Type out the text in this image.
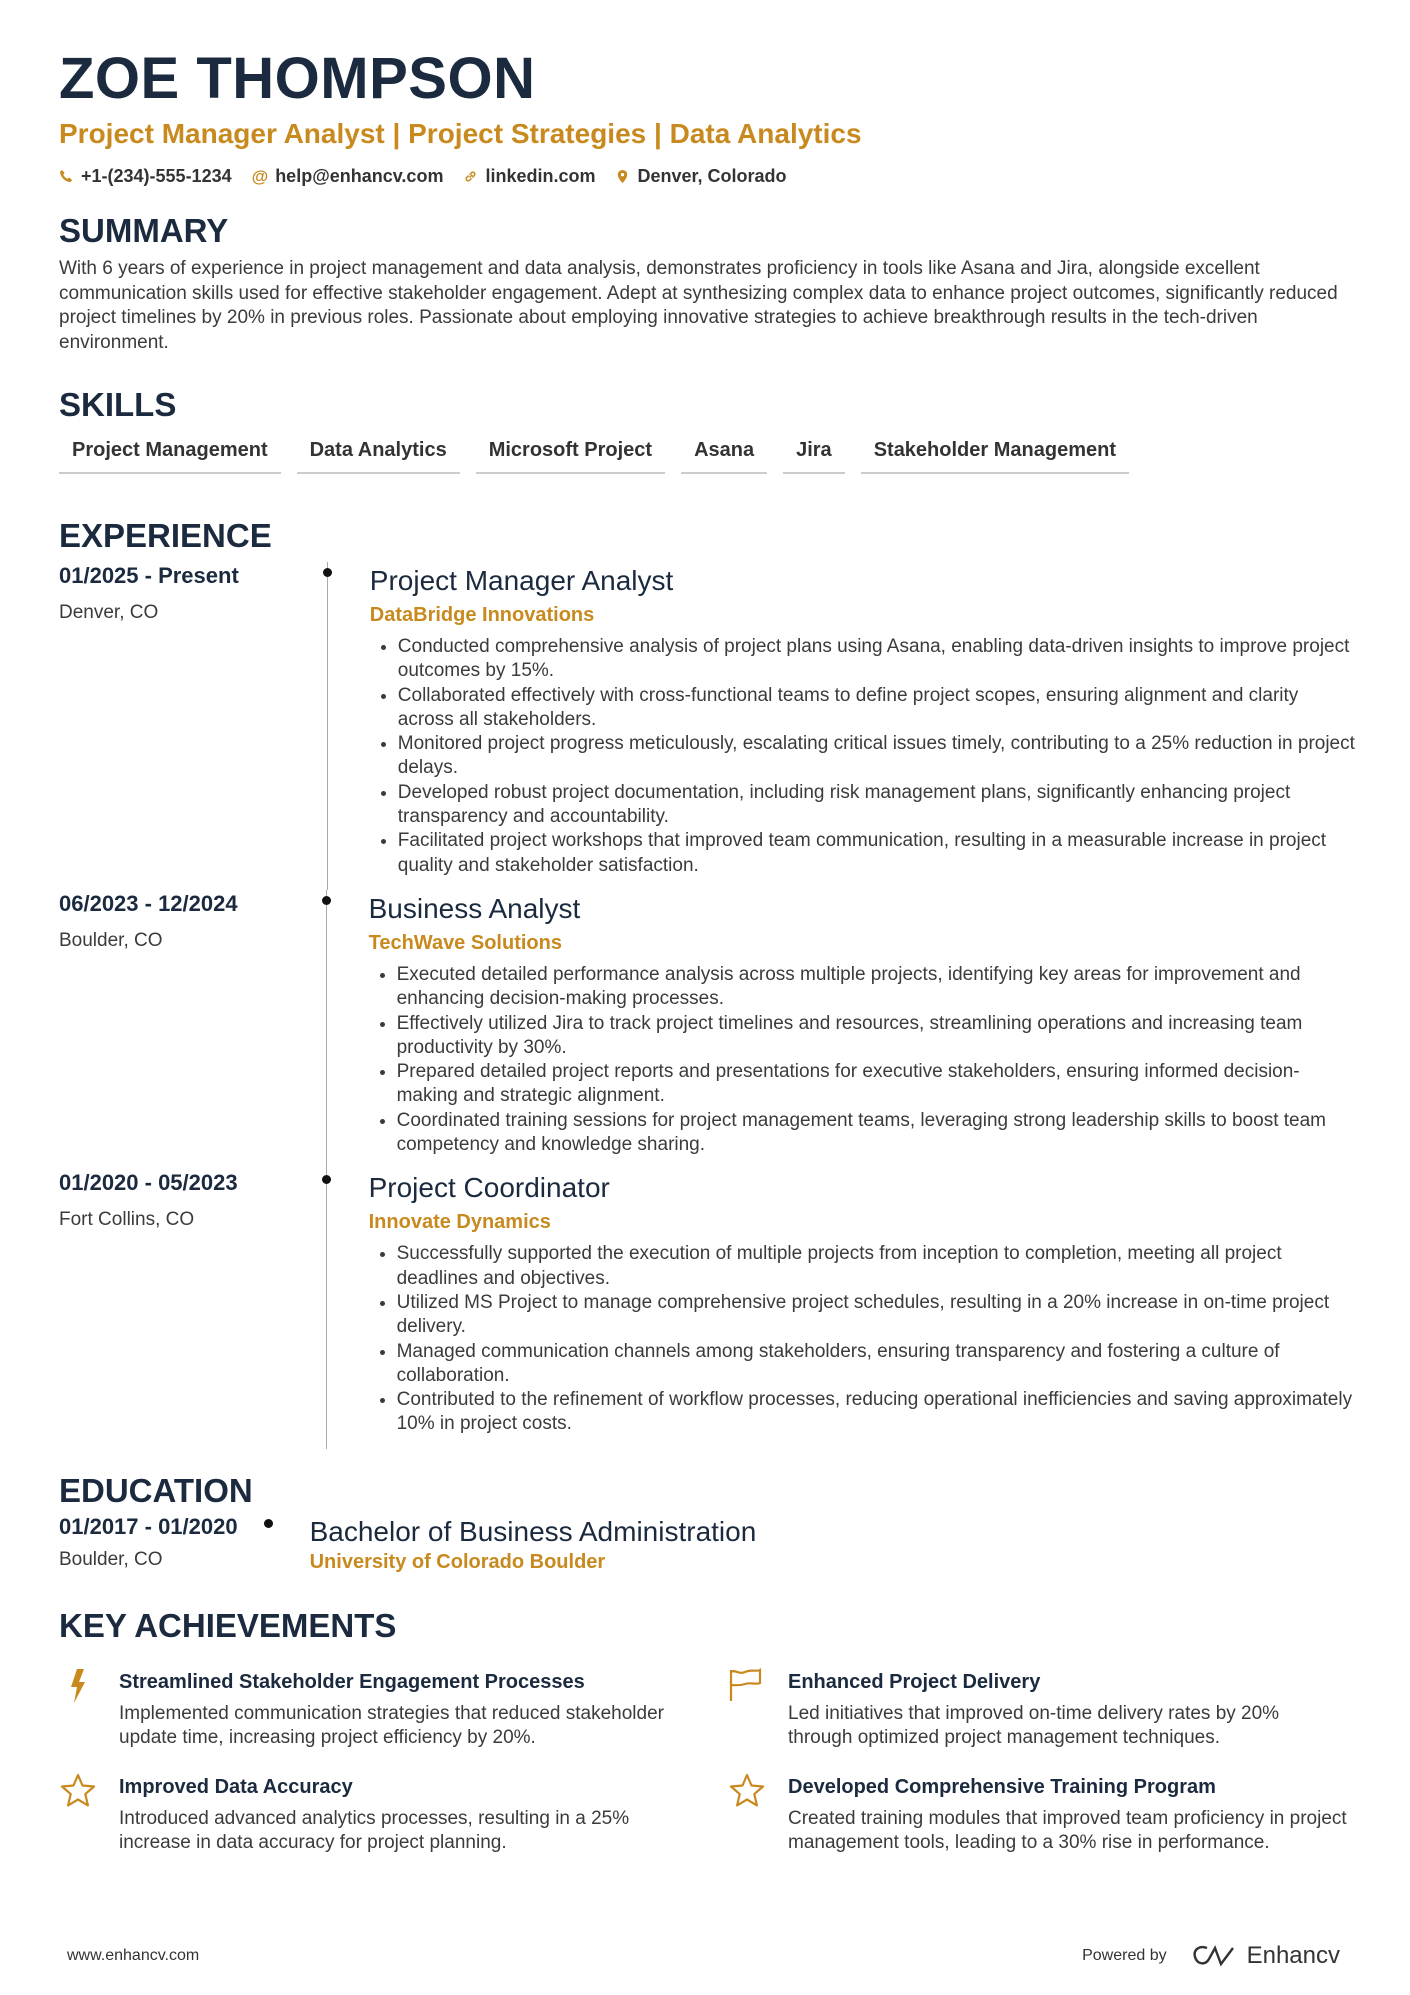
ZOE THOMPSON
Project Manager Analyst | Project Strategies | Data Analytics
+1-(234)-555-1234 @ help@enhancv.com linkedin.com Denver, Colorado
SUMMARY

With 6 years of experience in project management and data analysis, demonstrates proficiency in tools like Asana and Jira, alongside excellent communication skills used for effective stakeholder engagement. Adept at synthesizing complex data to enhance project outcomes, significantly reduced project timelines by 20% in previous roles. Passionate about employing innovative strategies to achieve breakthrough results in the tech-driven environment.

SKILLS
Project Management	Data Analytics	Microsoft Project	Asana	Jira	Stakeholder Management
EXPERIENCE
01/2025 - Present
Denver, CO
Project Manager Analyst
DataBridge Innovations
• Conducted comprehensive analysis of project plans using Asana, enabling data-driven insights to improve project outcomes by 15%.
• Collaborated effectively with cross-functional teams to define project scopes, ensuring alignment and clarity across all stakeholders.
• Monitored project progress meticulously, escalating critical issues timely, contributing to a 25% reduction in project delays.
• Developed robust project documentation, including risk management plans, significantly enhancing project transparency and accountability.
• Facilitated project workshops that improved team communication, resulting in a measurable increase in project quality and stakeholder satisfaction.
06/2023 - 12/2024
Boulder, CO
Business Analyst
TechWave Solutions
• Executed detailed performance analysis across multiple projects, identifying key areas for improvement and enhancing decision-making processes.
• Effectively utilized Jira to track project timelines and resources, streamlining operations and increasing team productivity by 30%.
• Prepared detailed project reports and presentations for executive stakeholders, ensuring informed decision-making and strategic alignment.
• Coordinated training sessions for project management teams, leveraging strong leadership skills to boost team competency and knowledge sharing.
01/2020 - 05/2023
Fort Collins, CO
Project Coordinator
Innovate Dynamics
• Successfully supported the execution of multiple projects from inception to completion, meeting all project deadlines and objectives.
• Utilized MS Project to manage comprehensive project schedules, resulting in a 20% increase in on-time project delivery.
• Managed communication channels among stakeholders, ensuring transparency and fostering a culture of collaboration.
• Contributed to the refinement of workflow processes, reducing operational inefficiencies and saving approximately 10% in project costs.
EDUCATION
01/2017 - 01/2020
Boulder, CO
Bachelor of Business Administration
University of Colorado Boulder
KEY ACHIEVEMENTS
Streamlined Stakeholder Engagement Processes
Implemented communication strategies that reduced stakeholder update time, increasing project efficiency by 20%.
Enhanced Project Delivery
Led initiatives that improved on-time delivery rates by 20% through optimized project management techniques.
Improved Data Accuracy
Introduced advanced analytics processes, resulting in a 25% increase in data accuracy for project planning.
Developed Comprehensive Training Program
Created training modules that improved team proficiency in project management tools, leading to a 30% rise in performance.
www.enhancv.com	Powered by	Enhancv
